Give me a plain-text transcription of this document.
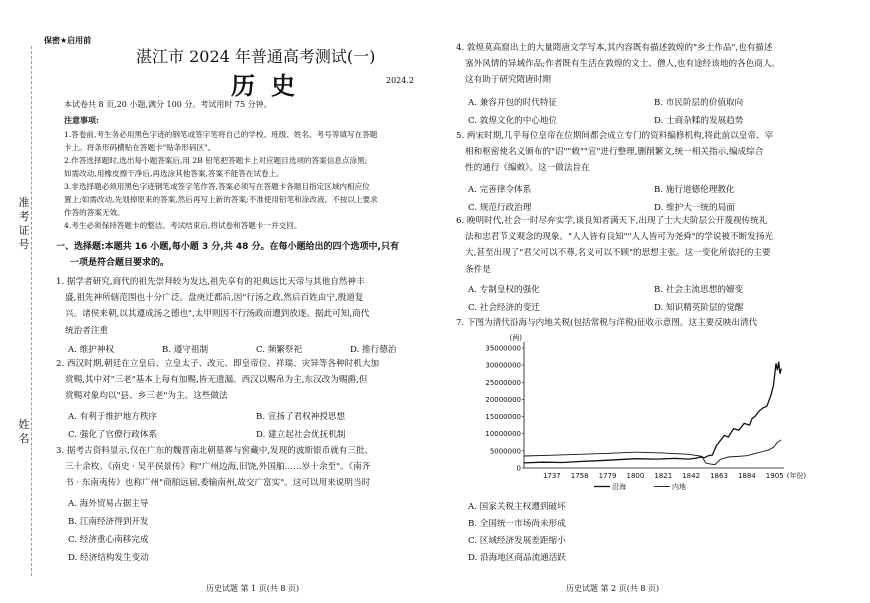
准考证号
姓名
保密★启用前
湛江市 2024 年普通高考测试(一)
历史	2024.2
本试卷共 8 页,20 小题,满分 100 分。考试用时 75 分钟。
注意事项:
1.答卷前,考生务必用黑色字迹的钢笔或签字笔将自己的学校、班级、姓名、考号等填写在答题
卡上。将条形码横贴在答题卡"贴条形码区"。
2.作答选择题时,选出每小题答案后,用 2B 铅笔把答题卡上对应题目选项的答案信息点涂黑;
如需改动,用橡皮擦干净后,再选涂其他答案,答案不能答在试卷上。
3.非选择题必须用黑色字迹钢笔或签字笔作答,答案必须写在答题卡各题目指定区域内相应位
置上;如需改动,先划掉原来的答案,然后再写上新的答案;不准使用铅笔和涂改液。不按以上要求
作答的答案无效。
4.考生必须保持答题卡的整洁。考试结束后,将试卷和答题卡一并交回。
一、选择题:本题共 16 小题,每小题 3 分,共 48 分。在每小题给出的四个选项中,只有
一项是符合题目要求的。
1. 据学者研究,商代的祖先崇拜较为发达,祖先享有的祀典远比天帝与其他自然神丰
盛,祖先神所辖范围也十分广泛。盘庚迁都后,因"行汤之政,然后百姓由宁,殷道复
兴。诸侯来朝,以其遵成汤之德也",太甲则因不行汤政而遭到放逐。据此可知,商代
统治者注重
A. 维护神权	B. 遵守祖制	C. 频繁祭祀	D. 推行德治
2. 西汉时期,朝廷在立皇后、立皇太子、改元、即皇帝位、祥瑞、灾异等各种时机大加
赏赐,其中对"三老"基本上每有加赐,皆无遗漏。西汉以赐帛为主,东汉改为赐爵,但
赏赐对象均以"县、乡三老"为主。这些做法
A. 有利于维护地方秩序	B. 宣扬了君权神授思想
C. 强化了官僚行政体系	D. 建立起社会优抚机制
3. 据考古资料显示,仅在广东的魏晋南北朝墓葬与窖藏中,发现的波斯银币就有三批、
三十余枚。《南史 · 吴平侯景传》称"广州边海,旧饶,外国舶……岁十余至"。《南齐
书 · 东南夷传》也称广州"商舶远届,委输南州,故交广富实"。这可以用来说明当时
A. 海外贸易占据主导
B. 江南经济得到开发
C. 经济重心南移完成
D. 经济结构发生变动
历史试题 第 1 页(共 8 页)
4. 敦煌莫高窟出土的大量隋唐文学写本,其内容既有描述敦煌的"乡土作品",也有描述
塞外风情的异域作品;作者既有生活在敦煌的文士、僧人,也有途经该地的各色商人。
这有助于研究隋唐时期
A. 兼容并包的时代特征	B. 市民阶层的价值取向
C. 敦煌文化的中心地位	D. 士商杂糅的发展趋势
5. 两宋时期,几乎每位皇帝在位期间都会成立专门的资料编修机构,将此前以皇帝、宰
相和枢密使名义颁布的"诏""敕""宣"进行整理,删削繁文,统一相关指示,编成综合
性的通行《编敕》。这一做法旨在
A. 完善律令体系	B. 施行道德伦理教化
C. 规范行政治理	D. 维护大一统的局面
6. 晚明时代,社会一时尽弃实学,谈良知者满天下,出现了士大夫阶层公开蔑视传统礼
法和忠君节义观念的现象。"人人皆有良知""人人皆可为尧舜"的学说被不断发扬光
大,甚至出现了"君父可以不尊,名义可以不顾"的思想主张。这一变化所依托的主要
条件是
A. 专制皇权的强化	B. 社会主流思想的嬗变
C. 社会经济的变迁	D. 知识精英阶层的觉醒
7. 下图为清代沿海与内地关税(包括常税与洋税)征收示意图。这主要反映出清代
(两)
0
5000000
10000000
15000000
20000000
25000000
30000000
35000000
1737 1758 1779 1800 1821 1842 1863 1884 1905 (年份)
沿海	内地
A. 国家关税主权遭到破坏
B. 全国统一市场尚未形成
C. 区域经济发展差距缩小
D. 沿海地区商品流通活跃
历史试题 第 2 页(共 8 页)
